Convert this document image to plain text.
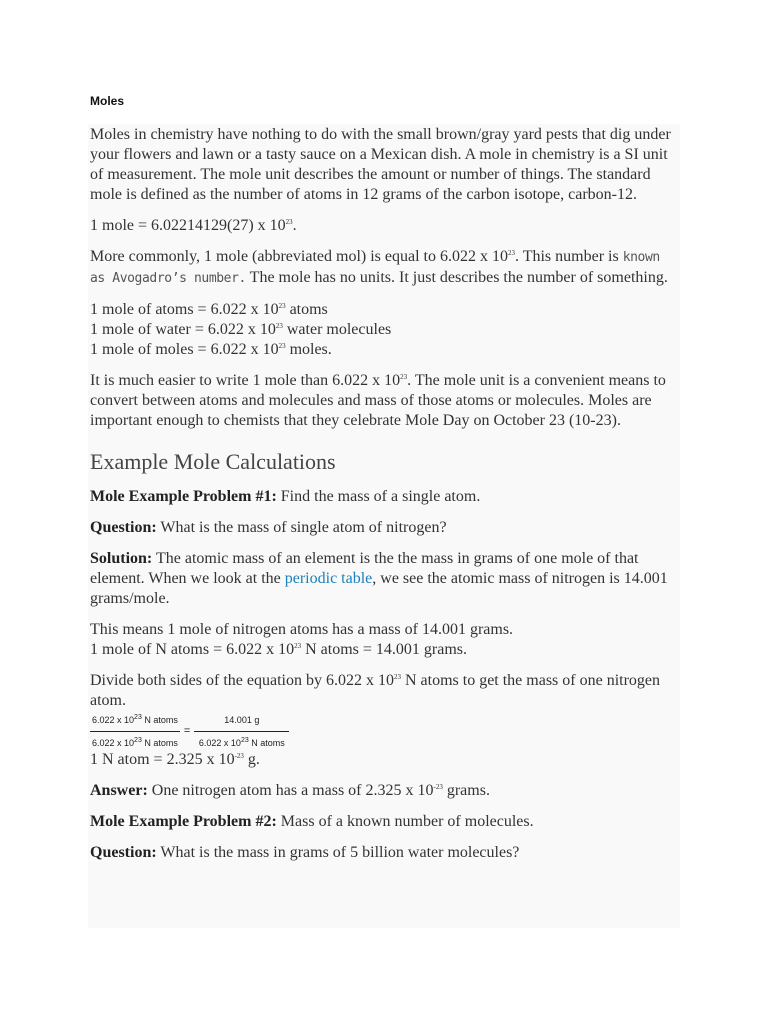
Moles

Moles in chemistry have nothing to do with the small brown/gray yard pests that dig under your flowers and lawn or a tasty sauce on a Mexican dish. A mole in chemistry is a SI unit of measurement. The mole unit describes the amount or number of things. The standard mole is defined as the number of atoms in 12 grams of the carbon isotope, carbon-12.

1 mole = 6.02214129(27) x $10^{23}$.

More commonly, 1 mole (abbreviated mol) is equal to 6.022 x $10^{23}$. This number is known as Avogadro’s number. The mole has no units. It just describes the number of something.

1 mole of atoms = 6.022 x $10^{23}$ atoms
1 mole of water = 6.022 x $10^{23}$ water molecules
1 mole of moles = 6.022 x $10^{23}$ moles.

It is much easier to write 1 mole than 6.022 x $10^{23}$. The mole unit is a convenient means to convert between atoms and molecules and mass of those atoms or molecules. Moles are important enough to chemists that they celebrate Mole Day on October 23 (10-23).

Example Mole Calculations

Mole Example Problem #1: Find the mass of a single atom.

Question: What is the mass of single atom of nitrogen?

Solution: The atomic mass of an element is the the mass in grams of one mole of that element. When we look at the periodic table, we see the atomic mass of nitrogen is 14.001 grams/mole.

This means 1 mole of nitrogen atoms has a mass of 14.001 grams.
1 mole of N atoms = 6.022 x $10^{23}$ N atoms = 14.001 grams.

Divide both sides of the equation by 6.022 x $10^{23}$ N atoms to get the mass of one nitrogen atom.

$\frac{6.022 x 10^{23} N atoms}{6.022 x 10^{23} N atoms} = \frac{14.001 g}{6.022 x 10^{23} N atoms}$

1 N atom = 2.325 x $10^{-23}$ g.

Answer: One nitrogen atom has a mass of 2.325 x $10^{-23}$ grams.

Mole Example Problem #2: Mass of a known number of molecules.

Question: What is the mass in grams of 5 billion water molecules?
